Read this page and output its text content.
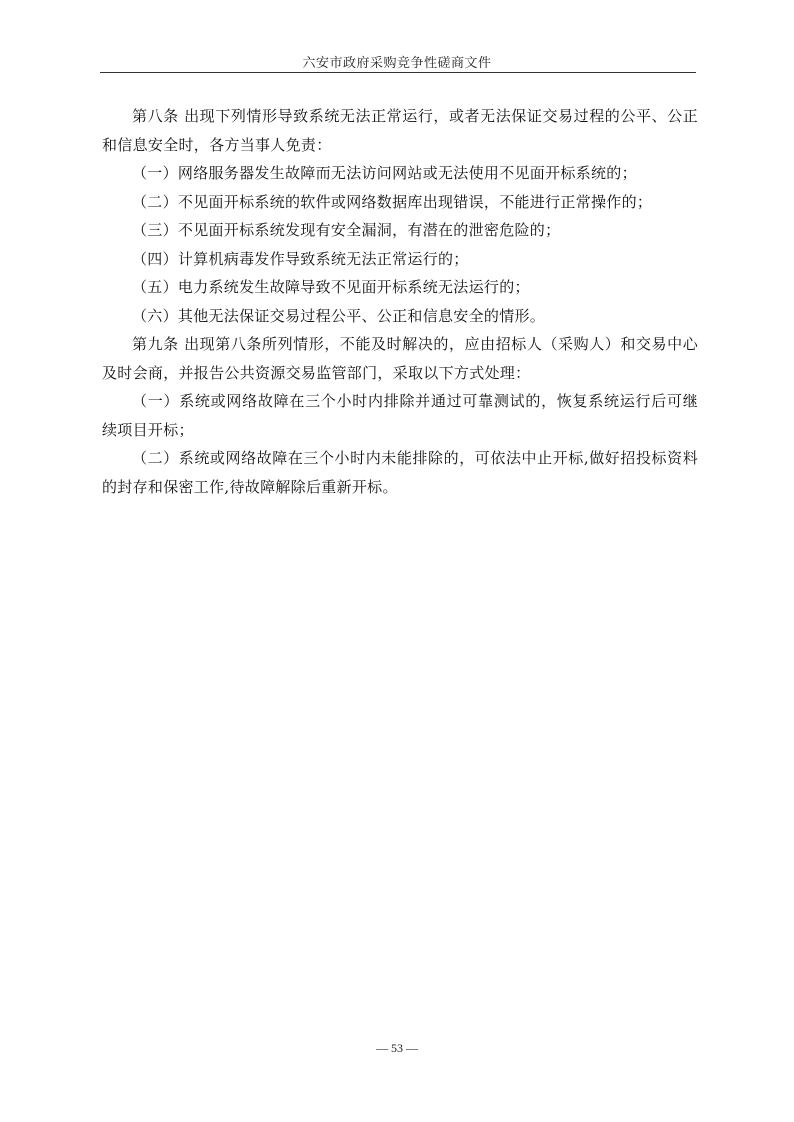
六安市政府采购竞争性磋商文件

第八条 出现下列情形导致系统无法正常运行，或者无法保证交易过程的公平、公正和信息安全时，各方当事人免责：

（一）网络服务器发生故障而无法访问网站或无法使用不见面开标系统的；

（二）不见面开标系统的软件或网络数据库出现错误，不能进行正常操作的；

（三）不见面开标系统发现有安全漏洞，有潜在的泄密危险的；

（四）计算机病毒发作导致系统无法正常运行的；

（五）电力系统发生故障导致不见面开标系统无法运行的；

（六）其他无法保证交易过程公平、公正和信息安全的情形。

第九条 出现第八条所列情形，不能及时解决的，应由招标人（采购人）和交易中心及时会商，并报告公共资源交易监管部门，采取以下方式处理：

（一）系统或网络故障在三个小时内排除并通过可靠测试的，恢复系统运行后可继续项目开标；

（二）系统或网络故障在三个小时内未能排除的，可依法中止开标,做好招投标资料的封存和保密工作,待故障解除后重新开标。

— 53 —
